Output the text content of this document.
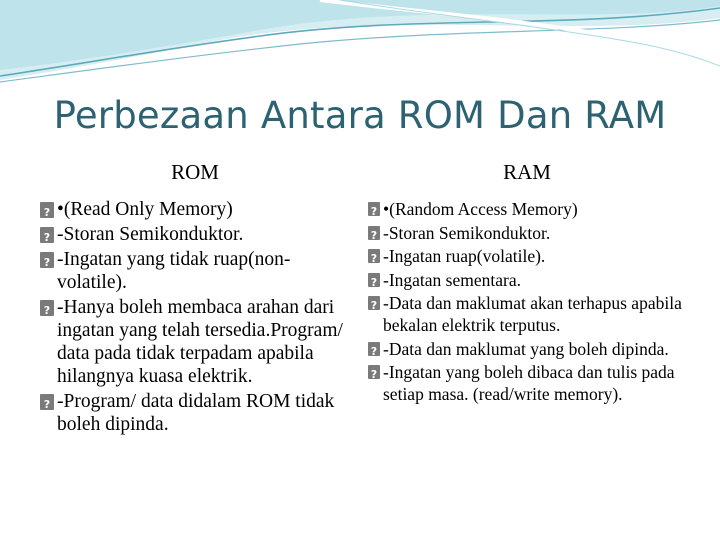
Perbezaan Antara ROM Dan RAM
ROM	RAM
?
•(Read Only Memory)
?
-Storan Semikonduktor.
?
-Ingatan yang tidak ruap(non-volatile).
?
-Hanya boleh membaca arahan dari ingatan yang telah tersedia.Program/ data pada tidak terpadam apabila hilangnya kuasa elektrik.
?
-Program/ data didalam ROM tidak boleh dipinda.
?
•(Random Access Memory)
?
-Storan Semikonduktor.
?
-Ingatan ruap(volatile).
?
-Ingatan sementara.
?
-Data dan maklumat akan terhapus apabila bekalan elektrik terputus.
?
-Data dan maklumat yang boleh dipinda.
?
-Ingatan yang boleh dibaca dan tulis pada setiap masa. (read/write memory).
